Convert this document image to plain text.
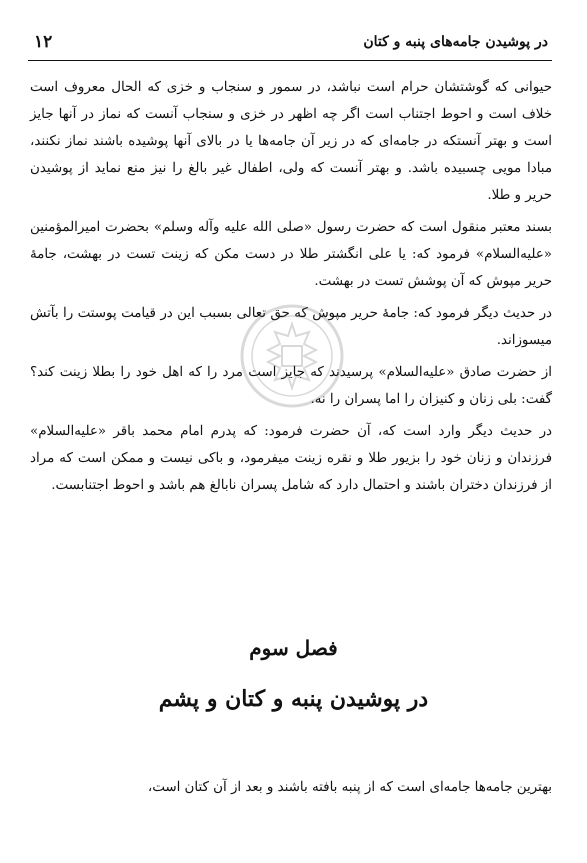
در پوشیدن جامه‌های پنبه و کتان
۱۲

حیوانی که گوشتشان حرام است نباشد، در سمور و سنجاب و خزی که الحال معروف است خلاف است و احوط اجتناب است اگر چه اظهر در خزی و سنجاب آنست که نماز در آنها جایز است و بهتر آنستکه در جامه‌ای که در زیر آن جامه‌ها یا در بالای آنها پوشیده باشند نماز نکنند، مبادا مویی چسبیده باشد. و بهتر آنست که ولی، اطفال غیر بالغ را نیز منع نماید از پوشیدن حریر و طلا.

بسند معتبر منقول است که حضرت رسول «صلی الله علیه وآله وسلم» بحضرت امیرالمؤمنین «علیه‌السلام» فرمود که: یا علی انگشتر طلا در دست مکن که زینت تست در بهشت، جامهٔ حریر مپوش که آن پوشش تست در بهشت.

در حدیث دیگر فرمود که: جامهٔ حریر مپوش که حق تعالی بسبب این در قیامت پوستت را بآتش میسوزاند.

از حضرت صادق «علیه‌السلام» پرسیدند که جایز است مرد را که اهل خود را بطلا زینت کند؟ گفت: بلی زنان و کنیزان را اما پسران را نه.

در حدیث دیگر وارد است که، آن حضرت فرمود: که پدرم امام محمد باقر «علیه‌السلام» فرزندان و زنان خود را بزیور طلا و نقره زینت میفرمود، و باکی نیست و ممکن است که مراد از فرزندان دختران باشند و احتمال دارد که شامل پسران نابالغ هم باشد و احوط اجتنابست.

فصل سوم
در پوشیدن پنبه و کتان و پشم
بهترین جامه‌ها جامه‌ای است که از پنبه بافته باشند و بعد از آن کتان است،
